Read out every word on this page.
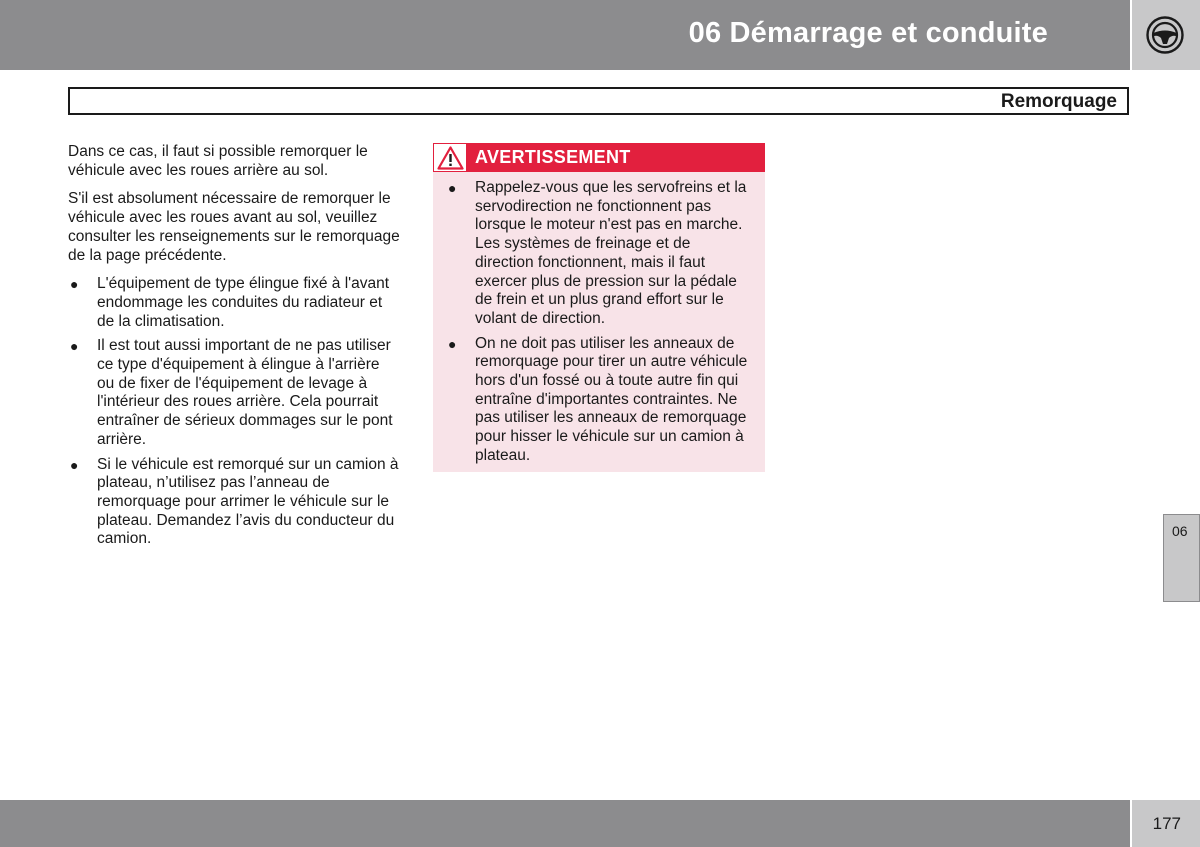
06 Démarrage et conduite
Remorquage

Dans ce cas, il faut si possible remorquer le véhicule avec les roues arrière au sol.

S'il est absolument nécessaire de remorquer le véhicule avec les roues avant au sol, veuillez consulter les renseignements sur le remorquage de la page précédente.

● L'équipement de type élingue fixé à l'avant endommage les conduites du radiateur et de la climatisation.
● Il est tout aussi important de ne pas utiliser ce type d'équipement à élingue à l'arrière ou de fixer de l'équipement de levage à l'intérieur des roues arrière. Cela pourrait entraîner de sérieux dommages sur le pont arrière.
● Si le véhicule est remorqué sur un camion à plateau, n’utilisez pas l’anneau de remorquage pour arrimer le véhicule sur le plateau. Demandez l’avis du conducteur du camion.
AVERTISSEMENT
● Rappelez-vous que les servofreins et la servodirection ne fonctionnent pas lorsque le moteur n'est pas en marche. Les systèmes de freinage et de direction fonctionnent, mais il faut exercer plus de pression sur la pédale de frein et un plus grand effort sur le volant de direction.
● On ne doit pas utiliser les anneaux de remorquage pour tirer un autre véhicule hors d'un fossé ou à toute autre fin qui entraîne d'importantes contraintes. Ne pas utiliser les anneaux de remorquage pour hisser le véhicule sur un camion à plateau.
06
177
